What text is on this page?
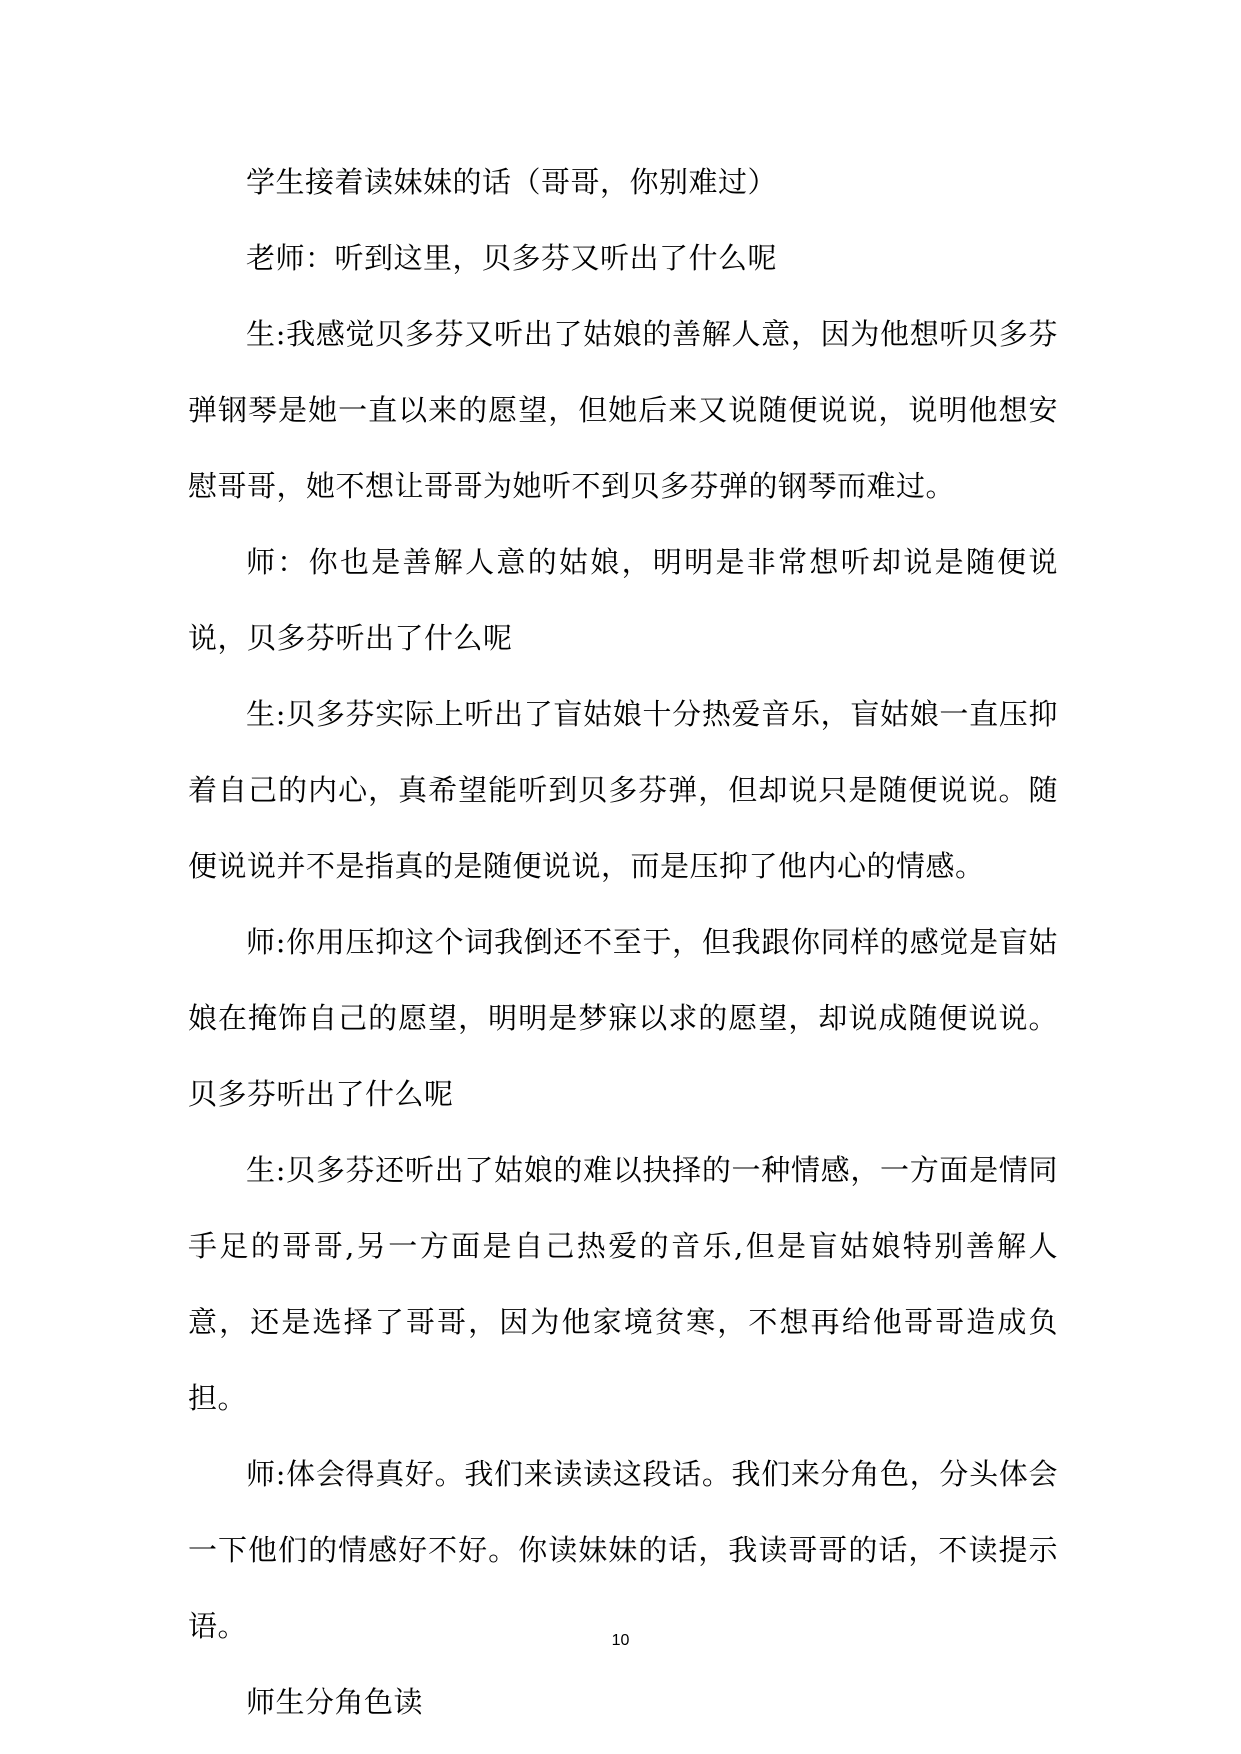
学生接着读妹妹的话（哥哥，你别难过）

老师：听到这里，贝多芬又听出了什么呢

生:我感觉贝多芬又听出了姑娘的善解人意，因为他想听贝多芬弹钢琴是她一直以来的愿望，但她后来又说随便说说，说明他想安慰哥哥，她不想让哥哥为她听不到贝多芬弹的钢琴而难过。

师：你也是善解人意的姑娘，明明是非常想听却说是随便说说，贝多芬听出了什么呢

生:贝多芬实际上听出了盲姑娘十分热爱音乐，盲姑娘一直压抑着自己的内心，真希望能听到贝多芬弹，但却说只是随便说说。随便说说并不是指真的是随便说说，而是压抑了他内心的情感。

师:你用压抑这个词我倒还不至于，但我跟你同样的感觉是盲姑娘在掩饰自己的愿望，明明是梦寐以求的愿望，却说成随便说说。贝多芬听出了什么呢

生:贝多芬还听出了姑娘的难以抉择的一种情感，一方面是情同手足的哥哥,另一方面是自己热爱的音乐,但是盲姑娘特别善解人意，还是选择了哥哥，因为他家境贫寒，不想再给他哥哥造成负担。

师:体会得真好。我们来读读这段话。我们来分角色，分头体会一下他们的情感好不好。你读妹妹的话，我读哥哥的话，不读提示语。

师生分角色读

10
